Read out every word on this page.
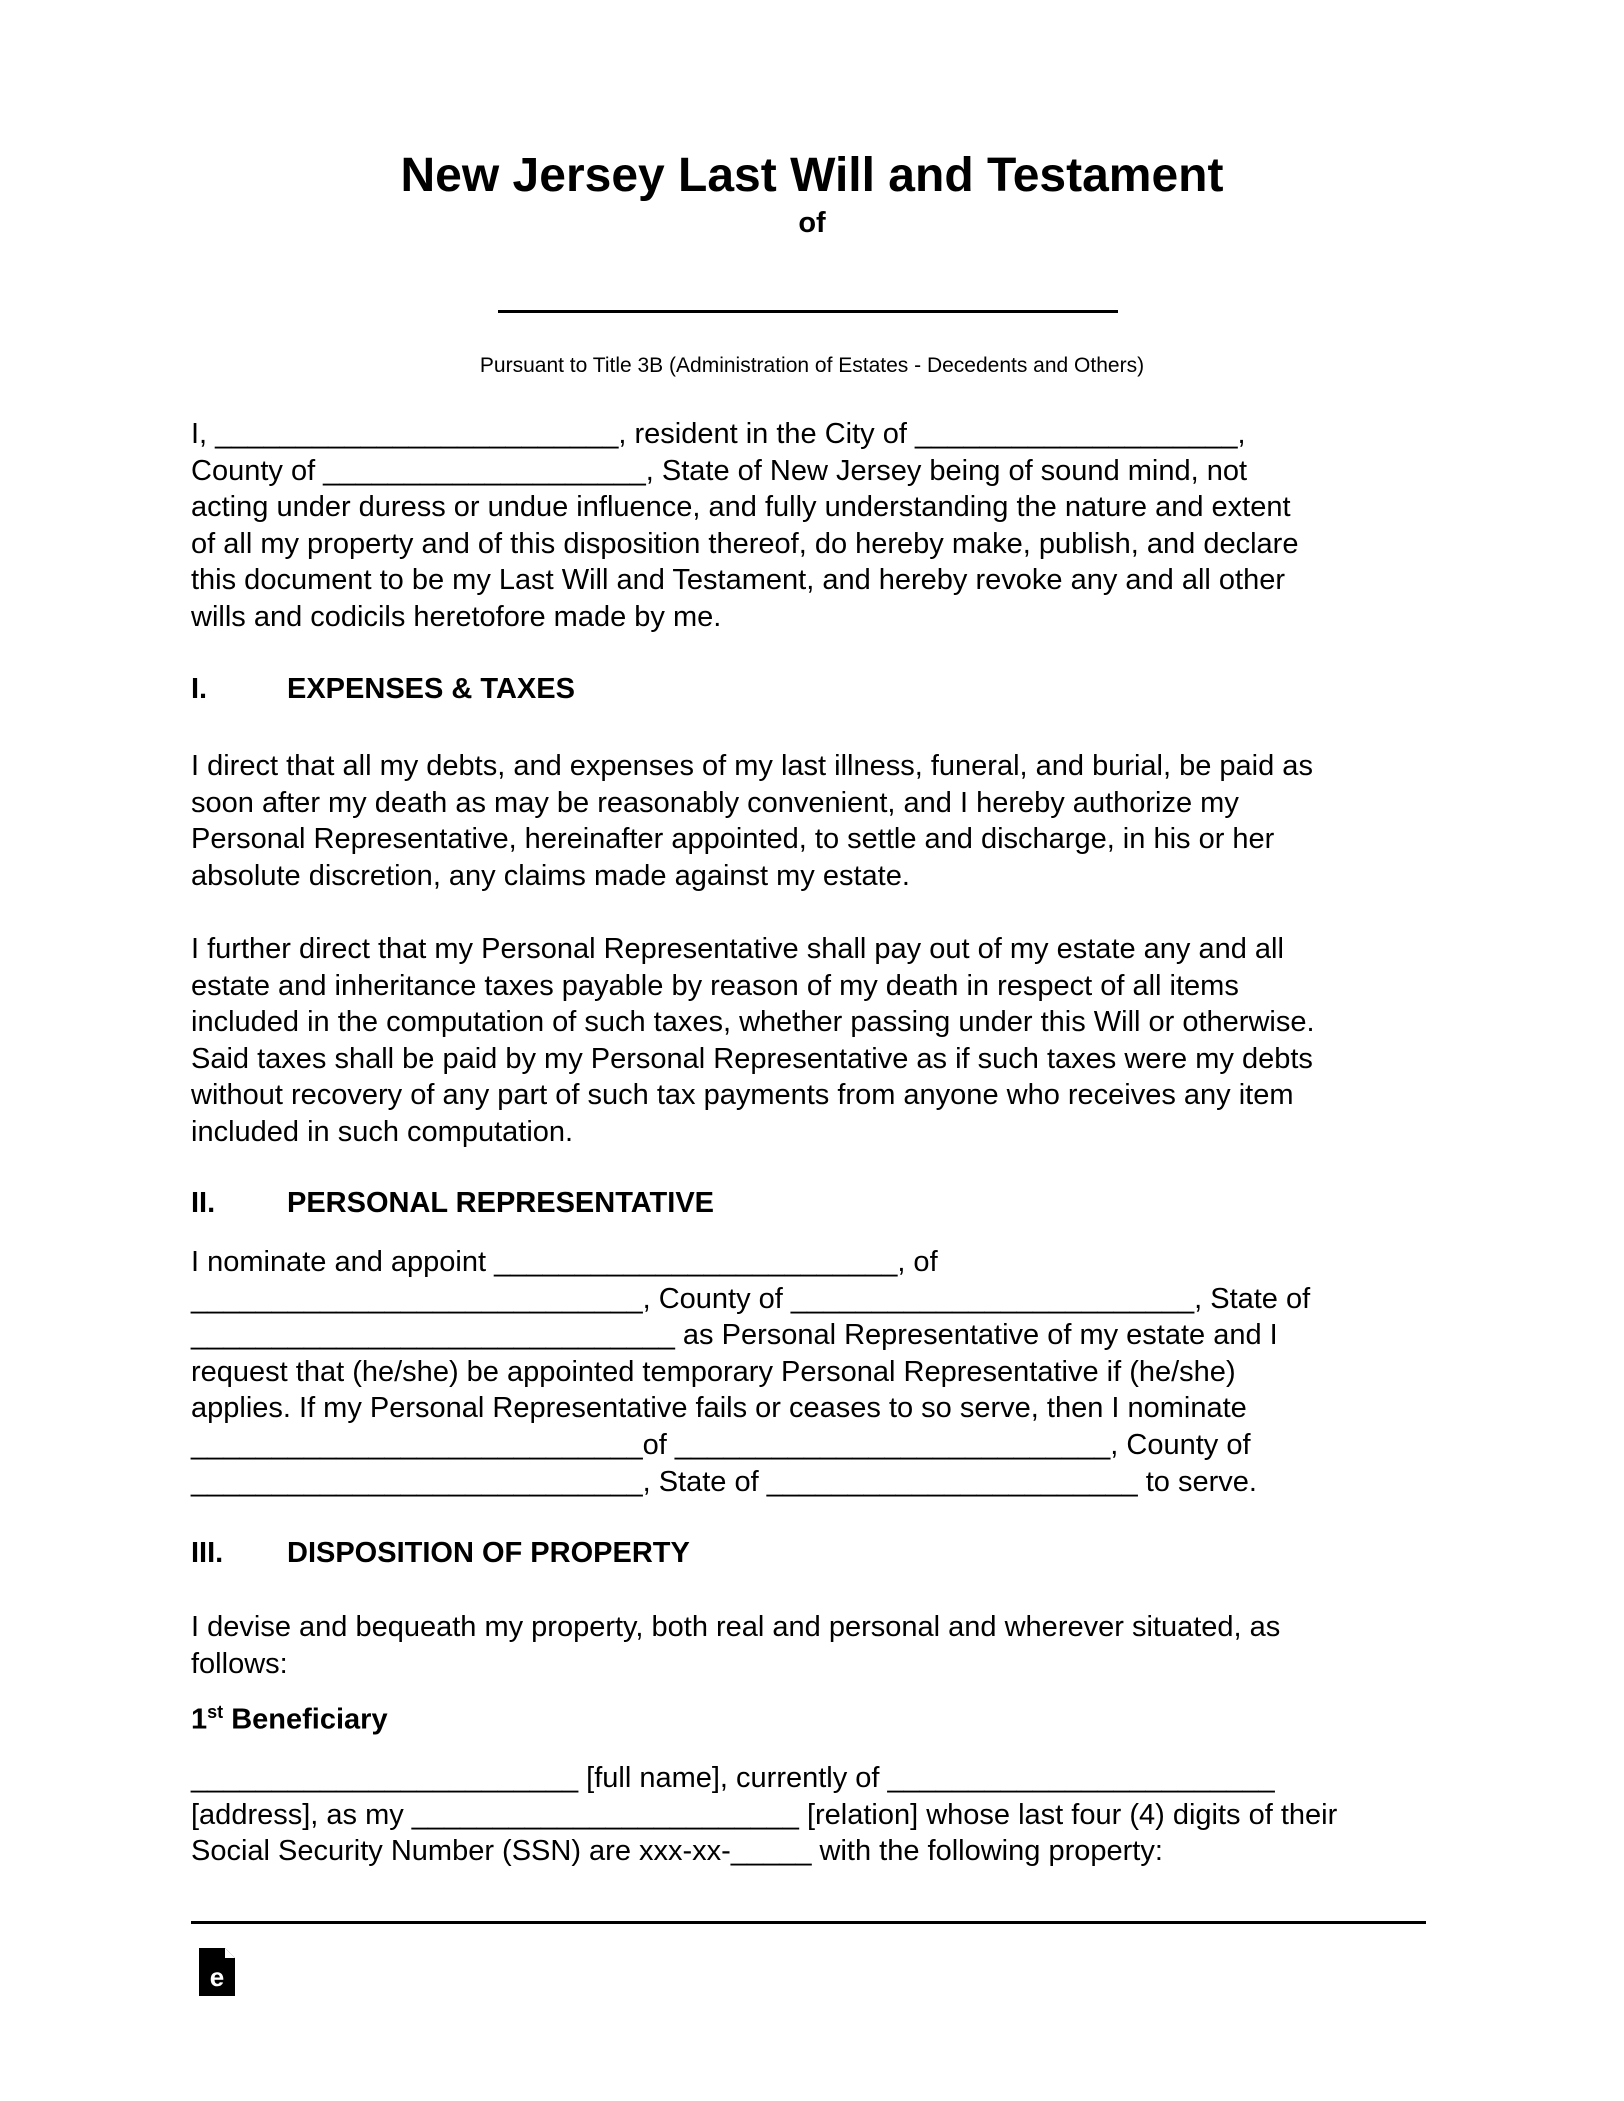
New Jersey Last Will and Testament
of
Pursuant to Title 3B (Administration of Estates - Decedents and Others)
I, _________________________, resident in the City of ____________________,
County of ____________________, State of New Jersey being of sound mind, not
acting under duress or undue influence, and fully understanding the nature and extent
of all my property and of this disposition thereof, do hereby make, publish, and declare
this document to be my Last Will and Testament, and hereby revoke any and all other
wills and codicils heretofore made by me.
I.	EXPENSES & TAXES
I direct that all my debts, and expenses of my last illness, funeral, and burial, be paid as
soon after my death as may be reasonably convenient, and I hereby authorize my
Personal Representative, hereinafter appointed, to settle and discharge, in his or her
absolute discretion, any claims made against my estate.
I further direct that my Personal Representative shall pay out of my estate any and all
estate and inheritance taxes payable by reason of my death in respect of all items
included in the computation of such taxes, whether passing under this Will or otherwise.
Said taxes shall be paid by my Personal Representative as if such taxes were my debts
without recovery of any part of such tax payments from anyone who receives any item
included in such computation.
II. PERSONAL REPRESENTATIVE
I nominate and appoint _________________________, of
____________________________, County of _________________________, State of
______________________________ as Personal Representative of my estate and I
request that (he/she) be appointed temporary Personal Representative if (he/she)
applies. If my Personal Representative fails or ceases to so serve, then I nominate
____________________________of ___________________________, County of
____________________________, State of _______________________ to serve.
III. DISPOSITION OF PROPERTY
I devise and bequeath my property, both real and personal and wherever situated, as
follows:
1st Beneficiary
________________________ [full name], currently of ________________________
[address], as my ________________________ [relation] whose last four (4) digits of their
Social Security Number (SSN) are xxx-xx-_____ with the following property:
e
